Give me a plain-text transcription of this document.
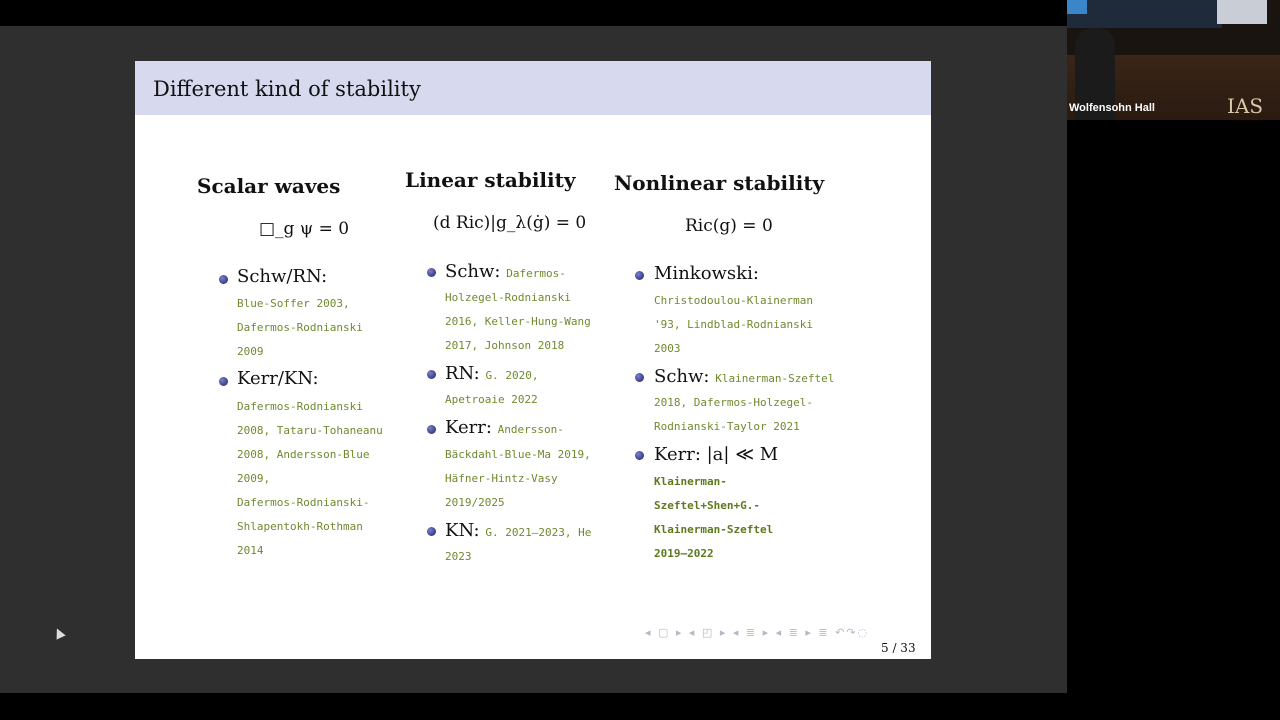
IAS
Wolfensohn Hall
Different kind of stability
Scalar waves
□_g ψ = 0
Schw/RN:
Blue-Soffer 2003,
Dafermos-Rodnianski
2009
Kerr/KN:
Dafermos-Rodnianski
2008, Tataru-Tohaneanu
2008, Andersson-Blue
2009,
Dafermos-Rodnianski-
Shlapentokh-Rothman
2014
Linear stability
(d Ric)|g_λ(ġ) = 0
Schw: Dafermos-
Holzegel-Rodnianski
2016, Keller-Hung-Wang
2017, Johnson 2018
RN: G. 2020,
Apetroaie 2022
Kerr: Andersson-
Bäckdahl-Blue-Ma 2019,
Häfner-Hintz-Vasy
2019/2025
KN: G. 2021–2023, He
2023
Nonlinear stability
Ric(g) = 0
Minkowski:
Christodoulou-Klainerman
'93, Lindblad-Rodnianski
2003
Schw: Klainerman-Szeftel
2018, Dafermos-Holzegel-
Rodnianski-Taylor 2021
Kerr: |a| ≪ M
Klainerman-
Szeftel+Shen+G.-
Klainerman-Szeftel
2019–2022
◂ ▢ ▸ ◂ ◰ ▸ ◂ ≣ ▸ ◂ ≣ ▸ ≣ ↶↷◌
5 / 33
